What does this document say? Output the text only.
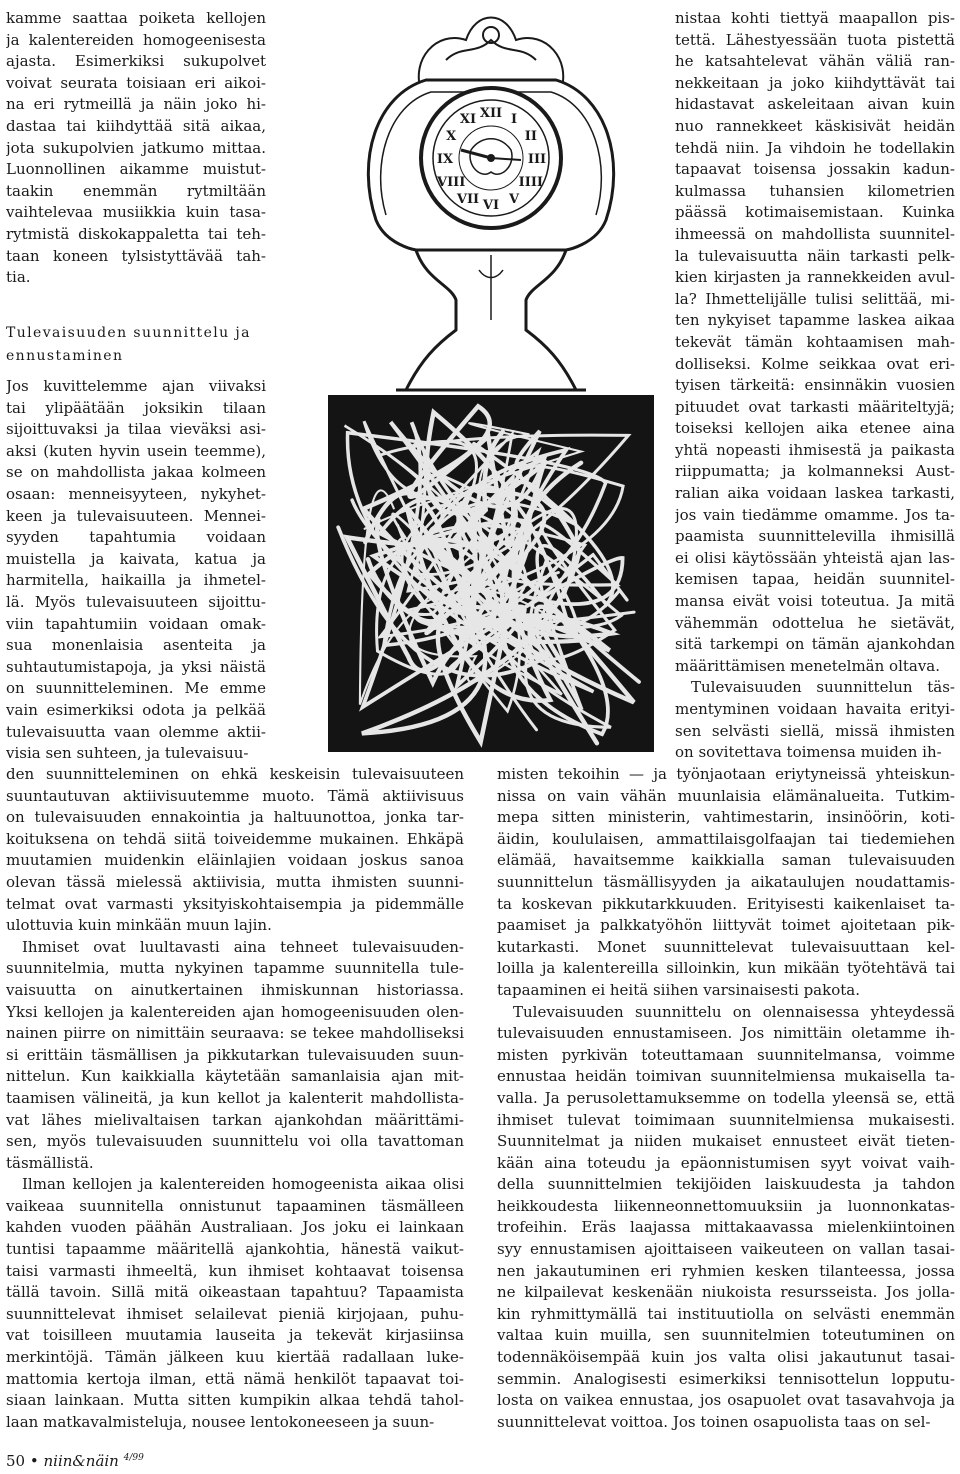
kamme saattaa poiketa kellojen
ja kalentereiden homogeenisesta
ajasta. Esimerkiksi sukupolvet
voivat seurata toisiaan eri aikoi-
na eri rytmeillä ja näin joko hi-
dastaa tai kiihdyttää sitä aikaa,
jota sukupolvien jatkumo mittaa.
Luonnollinen aikamme muistut-
taakin enemmän rytmiltään
vaihtelevaa musiikkia kuin tasa-
rytmistä diskokappaletta tai teh-
taan koneen tylsistyttävää tah-
tia.
Tulevaisuuden suunnittelu ja
ennustaminen
Jos kuvittelemme ajan viivaksi
tai ylipäätään joksikin tilaan
sijoittuvaksi ja tilaa vieväksi asi-
aksi (kuten hyvin usein teemme),
se on mahdollista jakaa kolmeen
osaan: menneisyyteen, nykyhet-
keen ja tulevaisuuteen. Mennei-
syyden tapahtumia voidaan
muistella ja kaivata, katua ja
harmitella, haikailla ja ihmetel-
lä. Myös tulevaisuuteen sijoittu-
viin tapahtumiin voidaan omak-
sua monenlaisia asenteita ja
suhtautumistapoja, ja yksi näistä
on suunnitteleminen. Me emme
vain esimerkiksi odota ja pelkää
tulevaisuutta vaan olemme aktii-
visia sen suhteen, ja tulevaisuu-
den suunnitteleminen on ehkä keskeisin tulevaisuuteen
suuntautuvan aktiivisuutemme muoto. Tämä aktiivisuus
on tulevaisuuden ennakointia ja haltuunottoa, jonka tar-
koituksena on tehdä siitä toiveidemme mukainen. Ehkäpä
muutamien muidenkin eläinlajien voidaan joskus sanoa
olevan tässä mielessä aktiivisia, mutta ihmisten suunni-
telmat ovat varmasti yksityiskohtaisempia ja pidemmälle
ulottuvia kuin minkään muun lajin.
Ihmiset ovat luultavasti aina tehneet tulevaisuuden-
suunnitelmia, mutta nykyinen tapamme suunnitella tule-
vaisuutta on ainutkertainen ihmiskunnan historiassa.
Yksi kellojen ja kalentereiden ajan homogeenisuuden olen-
nainen piirre on nimittäin seuraava: se tekee mahdolliseksi
si erittäin täsmällisen ja pikkutarkan tulevaisuuden suun-
nittelun. Kun kaikkialla käytetään samanlaisia ajan mit-
taamisen välineitä, ja kun kellot ja kalenterit mahdollista-
vat lähes mielivaltaisen tarkan ajankohdan määrittämi-
sen, myös tulevaisuuden suunnittelu voi olla tavattoman
täsmällistä.
Ilman kellojen ja kalentereiden homogeenista aikaa olisi
vaikeaa suunnitella onnistunut tapaaminen täsmälleen
kahden vuoden päähän Australiaan. Jos joku ei lainkaan
tuntisi tapaamme määritellä ajankohtia, hänestä vaikut-
taisi varmasti ihmeeltä, kun ihmiset kohtaavat toisensa
tällä tavoin. Sillä mitä oikeastaan tapahtuu? Tapaamista
suunnittelevat ihmiset selailevat pieniä kirjojaan, puhu-
vat toisilleen muutamia lauseita ja tekevät kirjasiinsa
merkintöjä. Tämän jälkeen kuu kiertää radallaan luke-
mattomia kertoja ilman, että nämä henkilöt tapaavat toi-
siaan lainkaan. Mutta sitten kumpikin alkaa tehdä tahol-
laan matkavalmisteluja, nousee lentokoneeseen ja suun-
nistaa kohti tiettyä maapallon pis-
tettä. Lähestyessään tuota pistettä
he katsahtelevat vähän väliä ran-
nekkeitaan ja joko kiihdyttävät tai
hidastavat askeleitaan aivan kuin
nuo rannekkeet käskisivät heidän
tehdä niin. Ja vihdoin he todellakin
tapaavat toisensa jossakin kadun-
kulmassa tuhansien kilometrien
päässä kotimaisemistaan. Kuinka
ihmeessä on mahdollista suunnitel-
la tulevaisuutta näin tarkasti pelk-
kien kirjasten ja rannekkeiden avul-
la? Ihmettelijälle tulisi selittää, mi-
ten nykyiset tapamme laskea aikaa
tekevät tämän kohtaamisen mah-
dolliseksi. Kolme seikkaa ovat eri-
tyisen tärkeitä: ensinnäkin vuosien
pituudet ovat tarkasti määriteltyjä;
toiseksi kellojen aika etenee aina
yhtä nopeasti ihmisestä ja paikasta
riippumatta; ja kolmanneksi Aust-
ralian aika voidaan laskea tarkasti,
jos vain tiedämme omamme. Jos ta-
paamista suunnittelevilla ihmisillä
ei olisi käytössään yhteistä ajan las-
kemisen tapaa, heidän suunnitel-
mansa eivät voisi toteutua. Ja mitä
vähemmän odottelua he sietävät,
sitä tarkempi on tämän ajankohdan
määrittämisen menetelmän oltava.
Tulevaisuuden suunnittelun täs-
mentyminen voidaan havaita erityi-
sen selvästi siellä, missä ihmisten
on sovitettava toimensa muiden ih-
misten tekoihin — ja työnjaotaan eriytyneissä yhteiskun-
nissa on vain vähän muunlaisia elämänalueita. Tutkim-
mepa sitten ministerin, vahtimestarin, insinöörin, koti-
äidin, koululaisen, ammattilaisgolfaajan tai tiedemiehen
elämää, havaitsemme kaikkialla saman tulevaisuuden
suunnittelun täsmällisyyden ja aikataulujen noudattamis-
ta koskevan pikkutarkkuuden. Erityisesti kaikenlaiset ta-
paamiset ja palkkatyöhön liittyvät toimet ajoitetaan pik-
kutarkasti. Monet suunnittelevat tulevaisuuttaan kel-
loilla ja kalentereilla silloinkin, kun mikään työtehtävä tai
tapaaminen ei heitä siihen varsinaisesti pakota.
Tulevaisuuden suunnittelu on olennaisessa yhteydessä
tulevaisuuden ennustamiseen. Jos nimittäin oletamme ih-
misten pyrkivän toteuttamaan suunnitelmansa, voimme
ennustaa heidän toimivan suunnitelmiensa mukaisella ta-
valla. Ja perusolettamuksemme on todella yleensä se, että
ihmiset tulevat toimimaan suunnitelmiensa mukaisesti.
Suunnitelmat ja niiden mukaiset ennusteet eivät tieten-
kään aina toteudu ja epäonnistumisen syyt voivat vaih-
della suunnittelmien tekijöiden laiskuudesta ja tahdon
heikkoudesta liikenneonnettomuuksiin ja luonnonkatas-
trofeihin. Eräs laajassa mittakaavassa mielenkiintoinen
syy ennustamisen ajoittaiseen vaikeuteen on vallan tasai-
nen jakautuminen eri ryhmien kesken tilanteessa, jossa
ne kilpailevat keskenään niukoista resursseista. Jos jolla-
kin ryhmittymällä tai instituutiolla on selvästi enemmän
valtaa kuin muilla, sen suunnitelmien toteutuminen on
todennäköisempää kuin jos valta olisi jakautunut tasai-
semmin. Analogisesti esimerkiksi tennisottelun lopputu-
losta on vaikea ennustaa, jos osapuolet ovat tasavahvoja ja
suunnittelevat voittoa. Jos toinen osapuolista taas on sel-
XII I
II
III
IIII
V
VI
VII
VIII
IX
X
XI
50 • niin&näin $^{4/99}$
